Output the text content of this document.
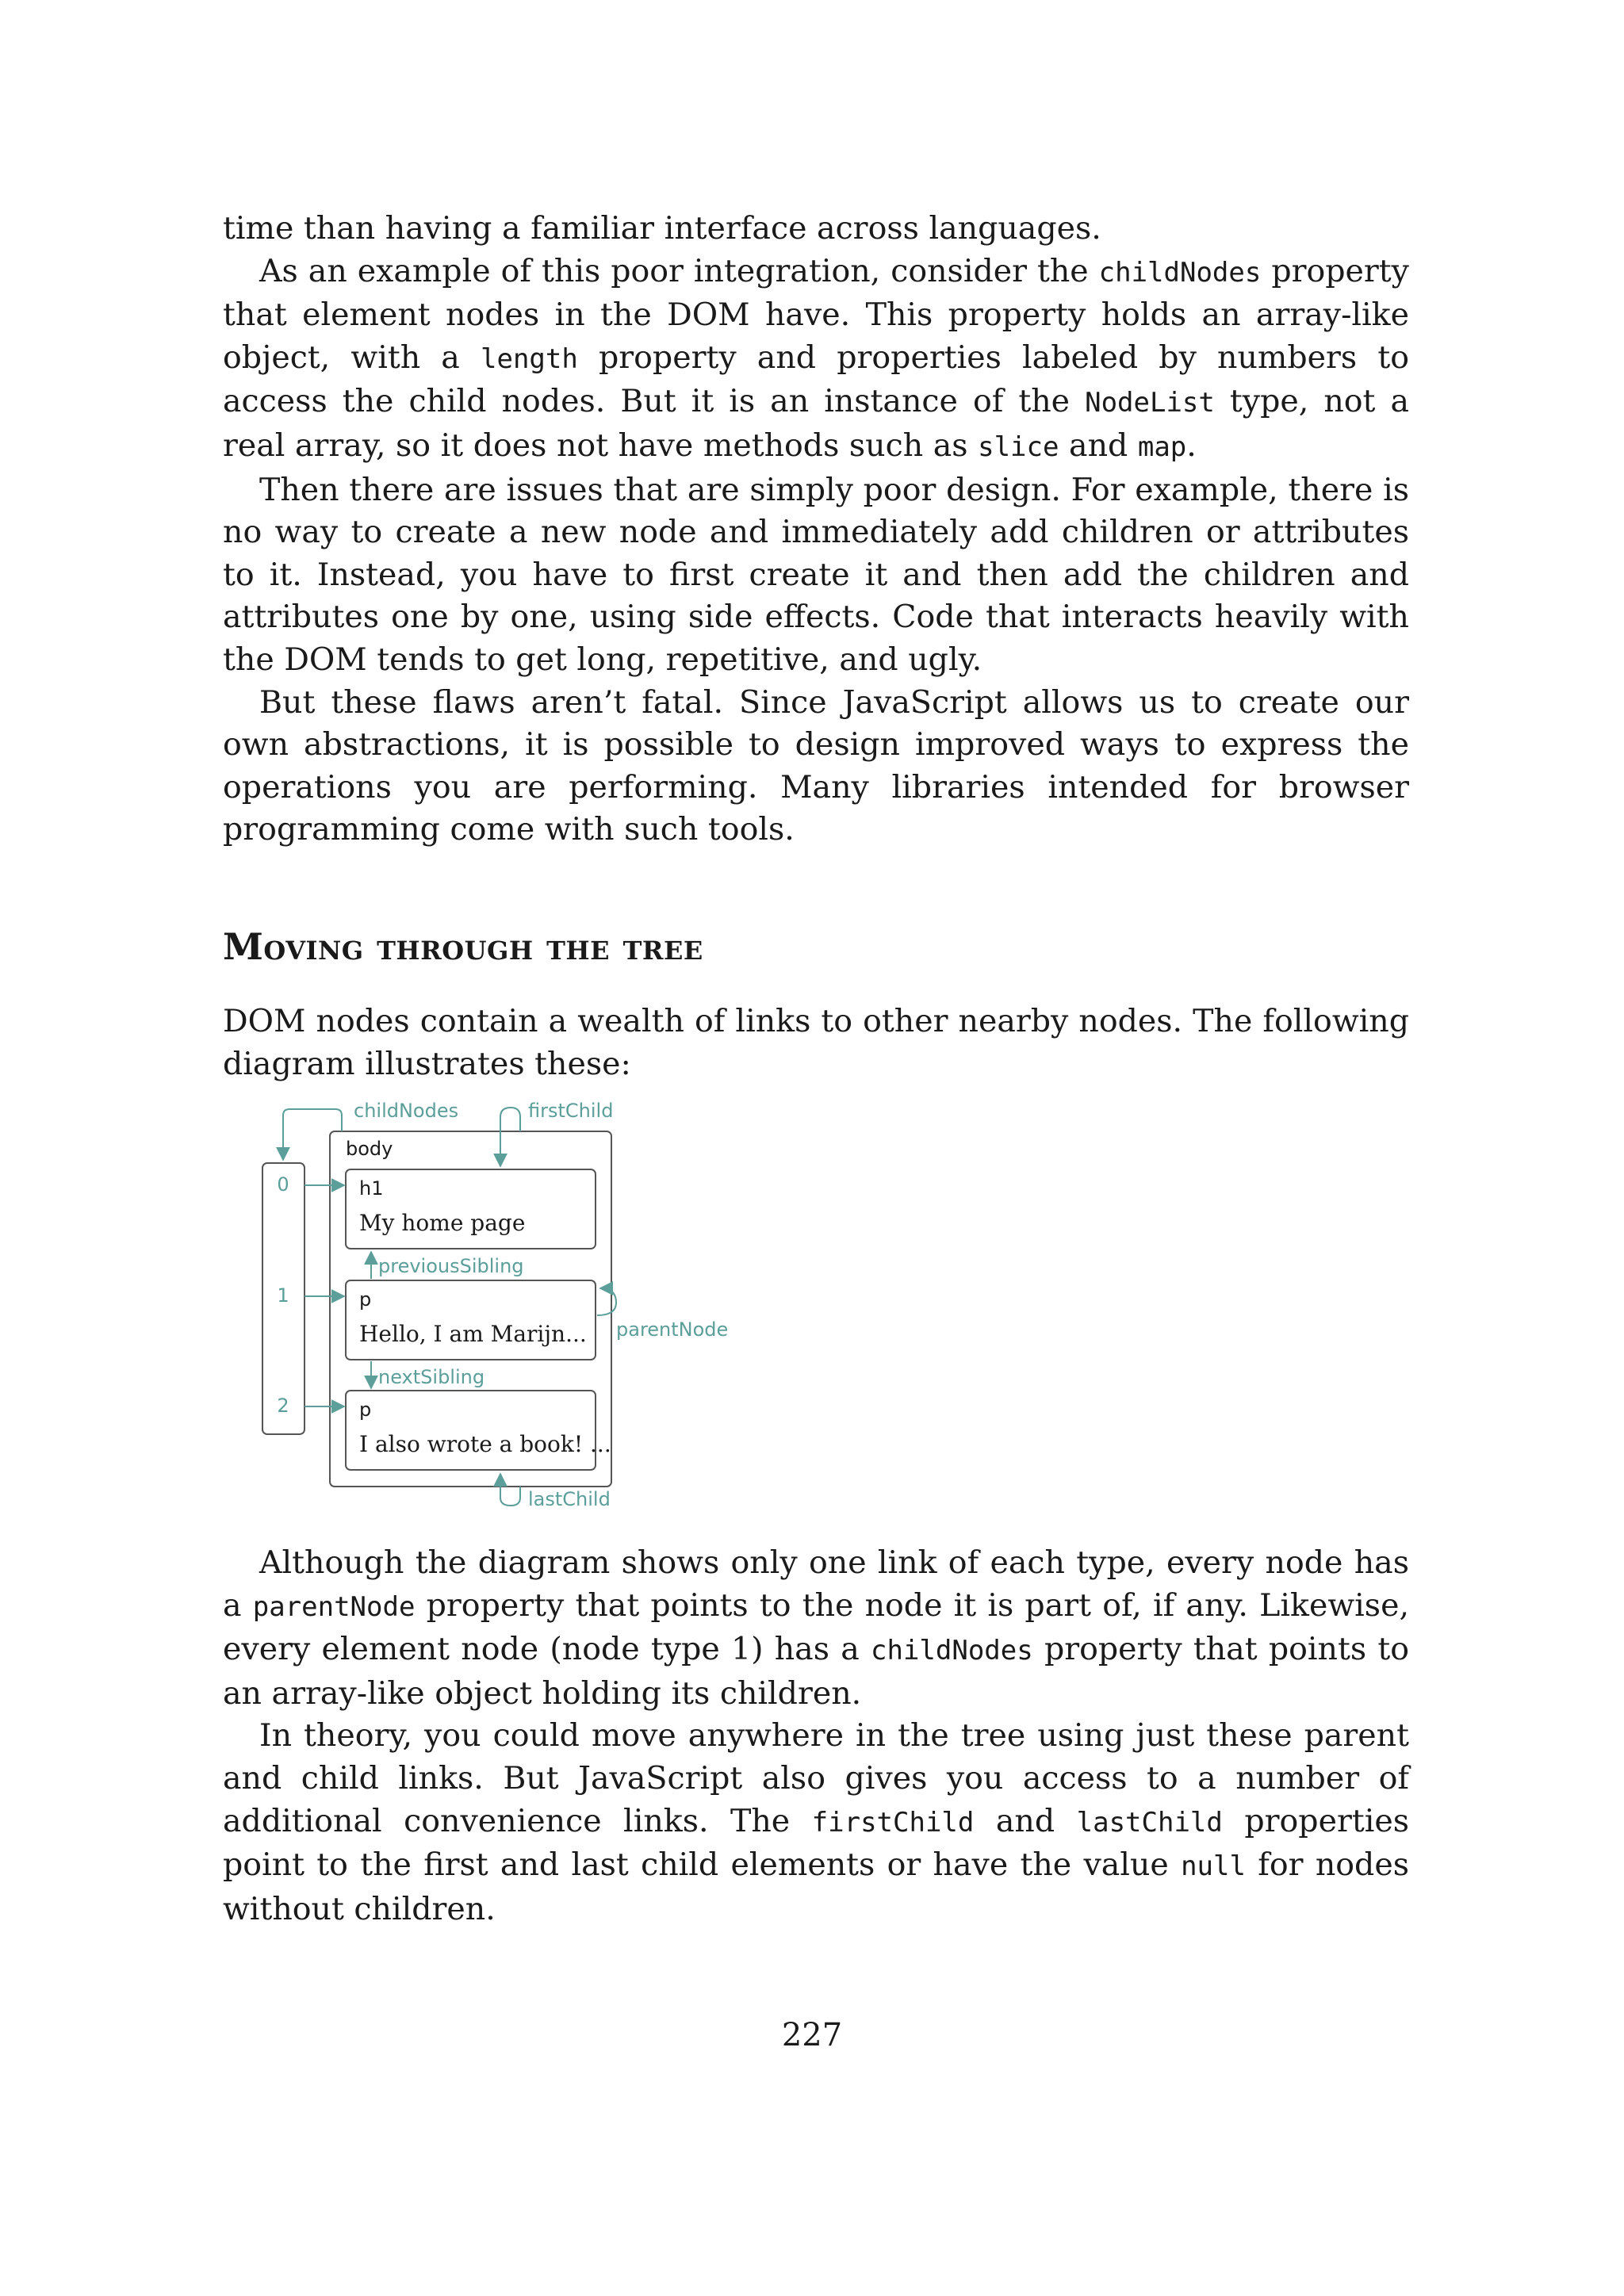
time than having a familiar interface across languages.

As an example of this poor integration, consider the childNodes property that element nodes in the DOM have. This property holds an array-like object, with a length property and properties labeled by numbers to access the child nodes. But it is an instance of the NodeList type, not a real array, so it does not have methods such as slice and map.

Then there are issues that are simply poor design. For example, there is no way to create a new node and immediately add children or attributes to it. Instead, you have to first create it and then add the children and attributes one by one, using side effects. Code that interacts heavily with the DOM tends to get long, repetitive, and ugly.

But these flaws aren’t fatal. Since JavaScript allows us to create our own abstractions, it is possible to design improved ways to express the operations you are performing. Many libraries intended for browser programming come with such tools.

Moving through the tree

DOM nodes contain a wealth of links to other nearby nodes. The following diagram illustrates these:

body
h1
My home page
p
Hello, I am Marijn...
p
I also wrote a book! ...
0
1
2
childNodes	firstChild
previousSibling
nextSibling
parentNode
lastChild

Although the diagram shows only one link of each type, every node has a parentNode property that points to the node it is part of, if any. Likewise, every element node (node type 1) has a childNodes property that points to an array-like object holding its children.

In theory, you could move anywhere in the tree using just these parent and child links. But JavaScript also gives you access to a number of additional convenience links. The firstChild and lastChild properties point to the first and last child elements or have the value null for nodes without children.

227
